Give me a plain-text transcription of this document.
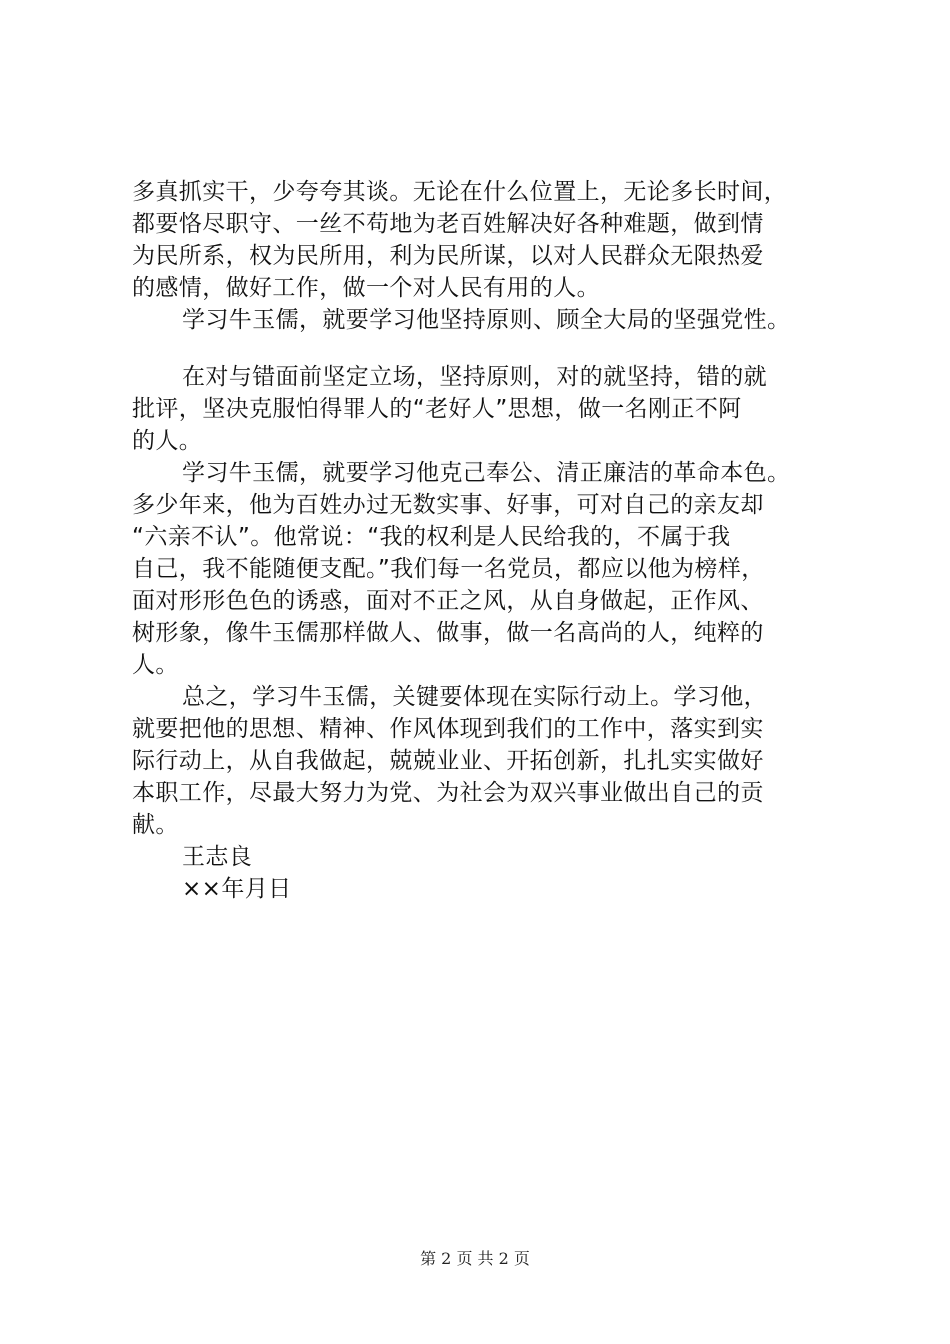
多真抓实干，少夸夸其谈。无论在什么位置上，无论多长时间，
都要恪尽职守、一丝不苟地为老百姓解决好各种难题，做到情
为民所系，权为民所用，利为民所谋，以对人民群众无限热爱
的感情，做好工作，做一个对人民有用的人。
学习牛玉儒，就要学习他坚持原则、顾全大局的坚强党性。
在对与错面前坚定立场，坚持原则，对的就坚持，错的就
批评，坚决克服怕得罪人的“老好人”思想，做一名刚正不阿
的人。
学习牛玉儒，就要学习他克己奉公、清正廉洁的革命本色。
多少年来，他为百姓办过无数实事、好事，可对自己的亲友却
“六亲不认”。他常说：“我的权利是人民给我的，不属于我
自己，我不能随便支配。”我们每一名党员，都应以他为榜样，
面对形形色色的诱惑，面对不正之风，从自身做起，正作风、
树形象，像牛玉儒那样做人、做事，做一名高尚的人，纯粹的
人。
总之，学习牛玉儒，关键要体现在实际行动上。学习他，
就要把他的思想、精神、作风体现到我们的工作中，落实到实
际行动上，从自我做起，兢兢业业、开拓创新，扎扎实实做好
本职工作，尽最大努力为党、为社会为双兴事业做出自己的贡
献。
王志良
××年月日
第 2 页 共 2 页
